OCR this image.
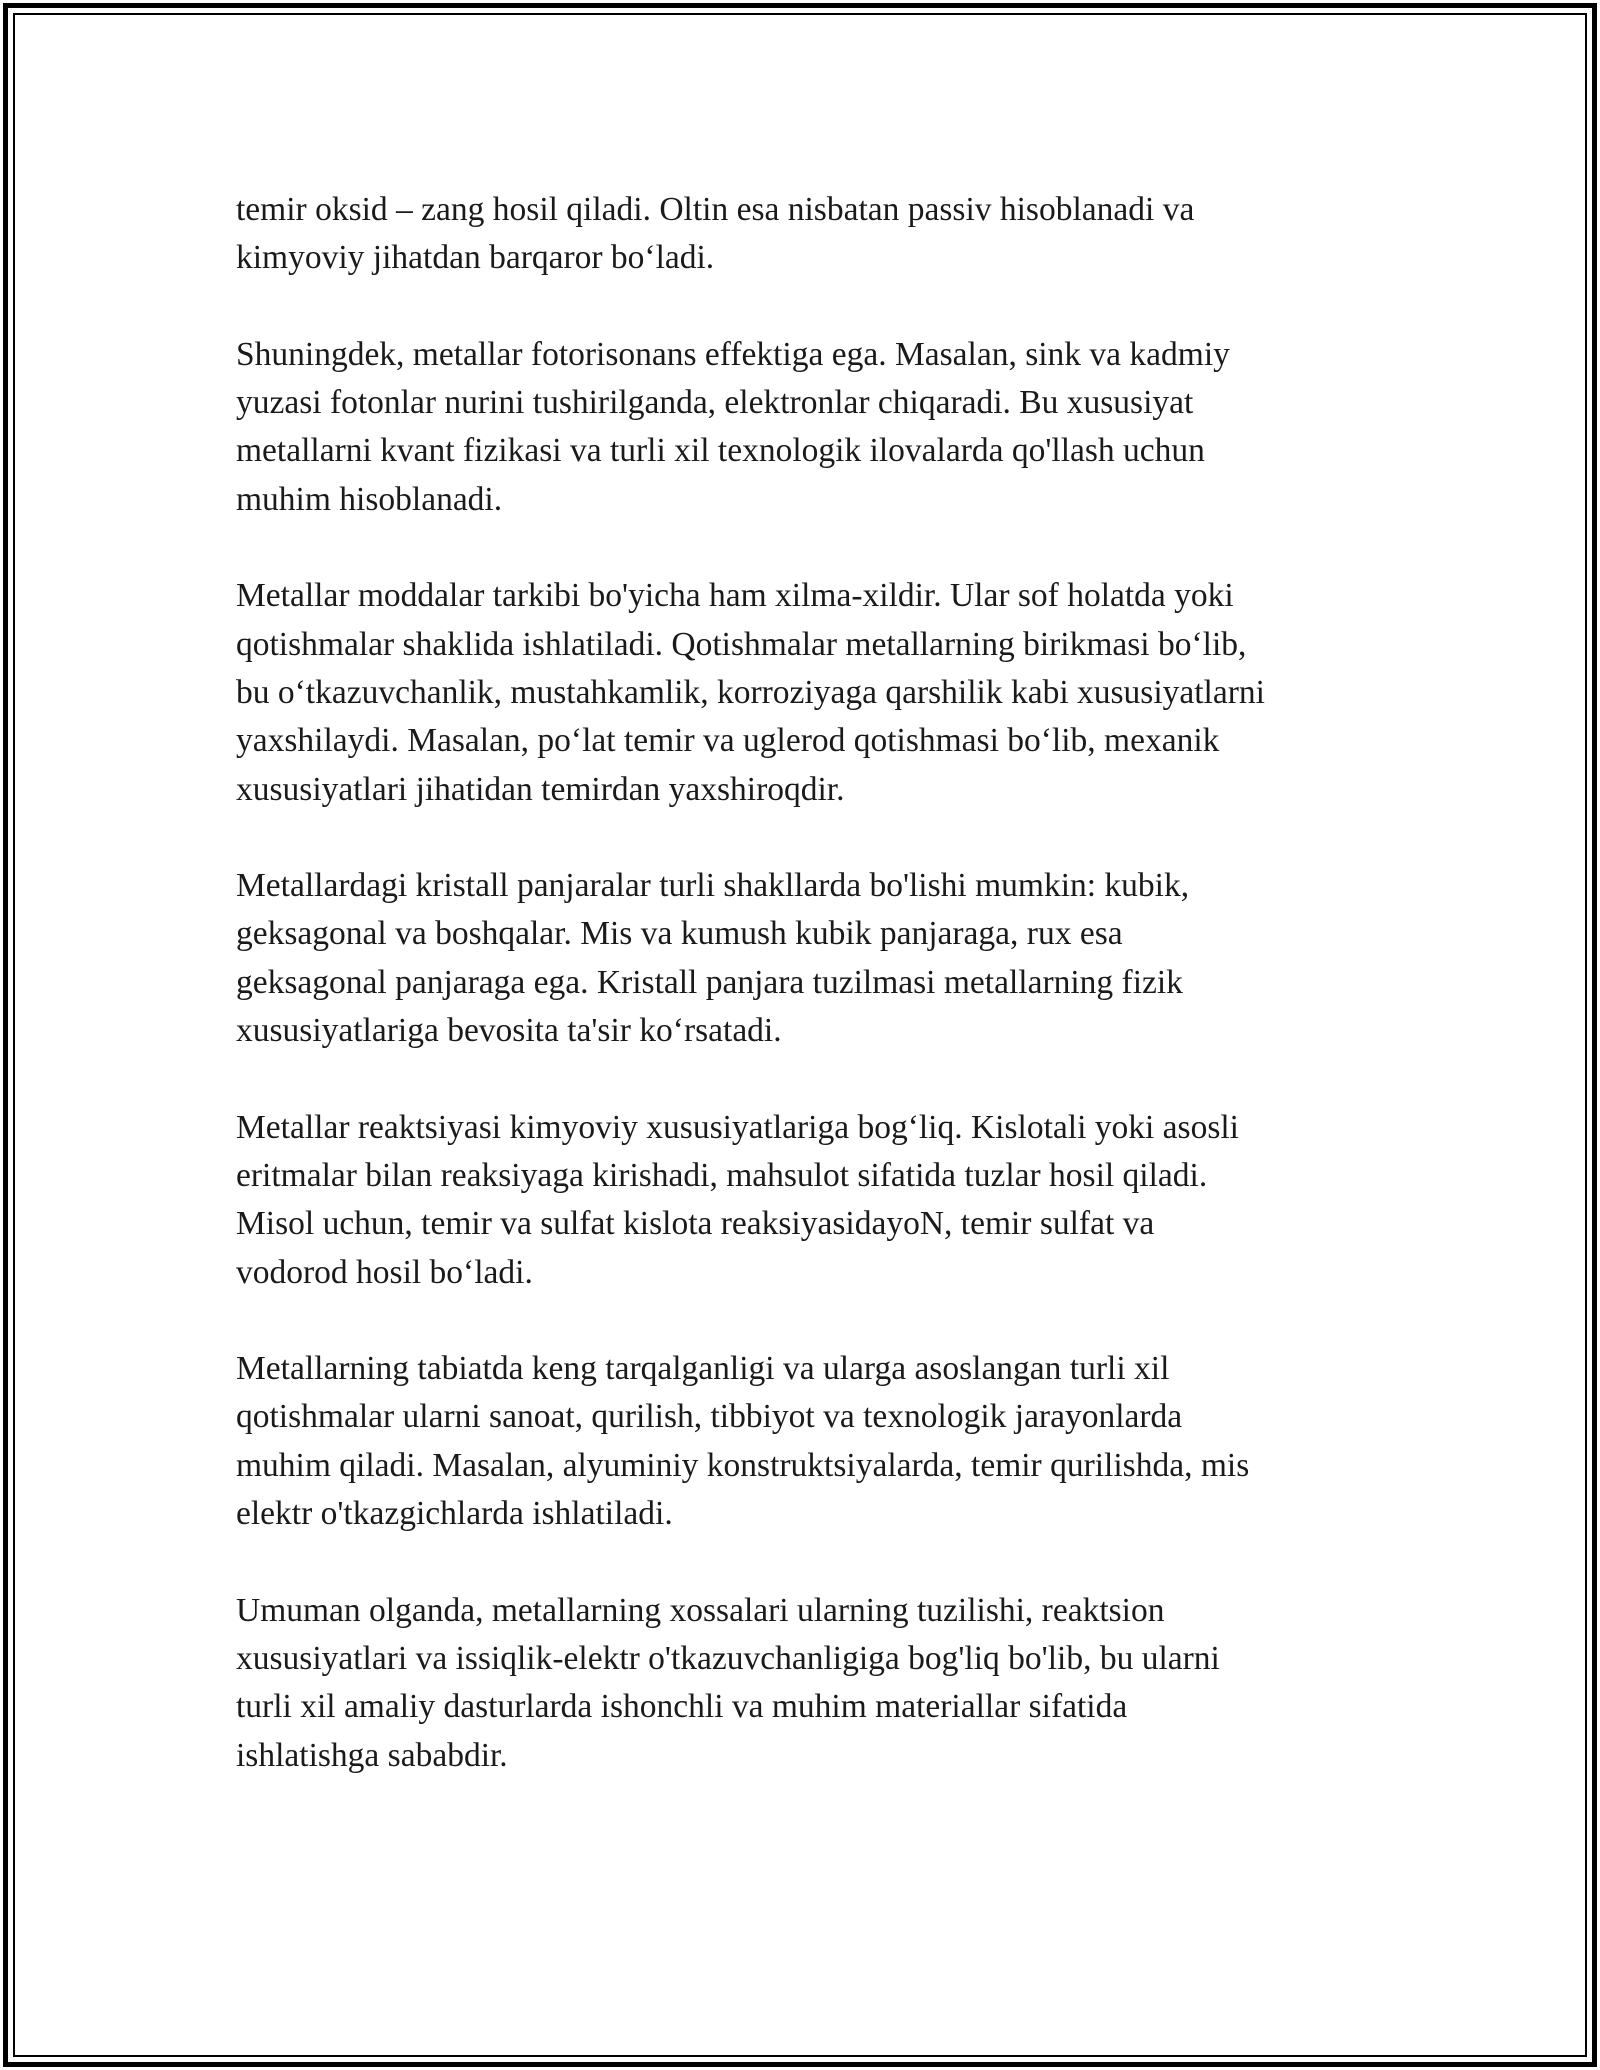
temir oksid – zang hosil qiladi. Oltin esa nisbatan passiv hisoblanadi va
kimyoviy jihatdan barqaror bo‘ladi.

Shuningdek, metallar fotorisonans effektiga ega. Masalan, sink va kadmiy
yuzasi fotonlar nurini tushirilganda, elektronlar chiqaradi. Bu xususiyat
metallarni kvant fizikasi va turli xil texnologik ilovalarda qo'llash uchun
muhim hisoblanadi.

Metallar moddalar tarkibi bo'yicha ham xilma-xildir. Ular sof holatda yoki
qotishmalar shaklida ishlatiladi. Qotishmalar metallarning birikmasi bo‘lib,
bu o‘tkazuvchanlik, mustahkamlik, korroziyaga qarshilik kabi xususiyatlarni
yaxshilaydi. Masalan, po‘lat temir va uglerod qotishmasi bo‘lib, mexanik
xususiyatlari jihatidan temirdan yaxshiroqdir.

Metallardagi kristall panjaralar turli shakllarda bo'lishi mumkin: kubik,
geksagonal va boshqalar. Mis va kumush kubik panjaraga, rux esa
geksagonal panjaraga ega. Kristall panjara tuzilmasi metallarning fizik
xususiyatlariga bevosita ta'sir ko‘rsatadi.

Metallar reaktsiyasi kimyoviy xususiyatlariga bog‘liq. Kislotali yoki asosli
eritmalar bilan reaksiyaga kirishadi, mahsulot sifatida tuzlar hosil qiladi.
Misol uchun, temir va sulfat kislota reaksiyasidayoN, temir sulfat va
vodorod hosil bo‘ladi.

Metallarning tabiatda keng tarqalganligi va ularga asoslangan turli xil
qotishmalar ularni sanoat, qurilish, tibbiyot va texnologik jarayonlarda
muhim qiladi. Masalan, alyuminiy konstruktsiyalarda, temir qurilishda, mis
elektr o'tkazgichlarda ishlatiladi.

Umuman olganda, metallarning xossalari ularning tuzilishi, reaktsion
xususiyatlari va issiqlik-elektr o'tkazuvchanligiga bog'liq bo'lib, bu ularni
turli xil amaliy dasturlarda ishonchli va muhim materiallar sifatida
ishlatishga sababdir.
